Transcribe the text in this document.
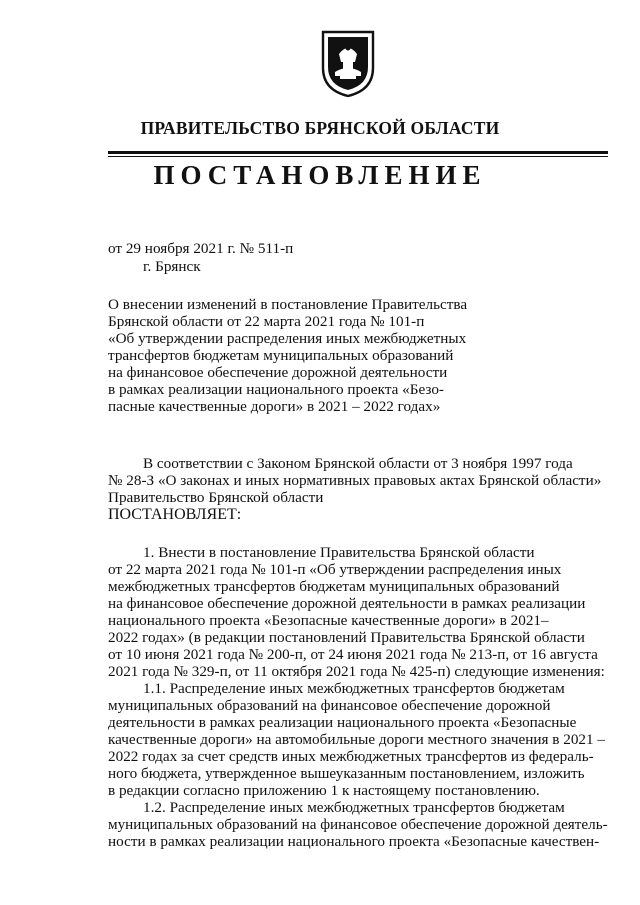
ПРАВИТЕЛЬСТВО БРЯНСКОЙ ОБЛАСТИ
ПОСТАНОВЛЕНИЕ
от 29 ноября 2021 г. № 511-п
г. Брянск
О внесении изменений в постановление Правительства
Брянской области от 22 марта 2021 года № 101-п
«Об утверждении распределения иных межбюджетных
трансфертов бюджетам муниципальных образований
на финансовое обеспечение дорожной деятельности
в рамках реализации национального проекта «Безо-
пасные качественные дороги» в 2021 – 2022 годах»
В соответствии с Законом Брянской области от 3 ноября 1997 года
№ 28-З «О законах и иных нормативных правовых актах Брянской области»
Правительство Брянской области
ПОСТАНОВЛЯЕТ:
1. Внести в постановление Правительства Брянской области
от 22 марта 2021 года № 101-п «Об утверждении распределения иных
межбюджетных трансфертов бюджетам муниципальных образований
на финансовое обеспечение дорожной деятельности в рамках реализации
национального проекта «Безопасные качественные дороги» в 2021–
2022 годах» (в редакции постановлений Правительства Брянской области
от 10 июня 2021 года № 200-п, от 24 июня 2021 года № 213-п, от 16 августа
2021 года № 329-п, от 11 октября 2021 года № 425-п) следующие изменения:
1.1. Распределение иных межбюджетных трансфертов бюджетам
муниципальных образований на финансовое обеспечение дорожной
деятельности в рамках реализации национального проекта «Безопасные
качественные дороги» на автомобильные дороги местного значения в 2021 –
2022 годах за счет средств иных межбюджетных трансфертов из федераль-
ного бюджета, утвержденное вышеуказанным постановлением, изложить
в редакции согласно приложению 1 к настоящему постановлению.
1.2. Распределение иных межбюджетных трансфертов бюджетам
муниципальных образований на финансовое обеспечение дорожной деятель-
ности в рамках реализации национального проекта «Безопасные качествен-
